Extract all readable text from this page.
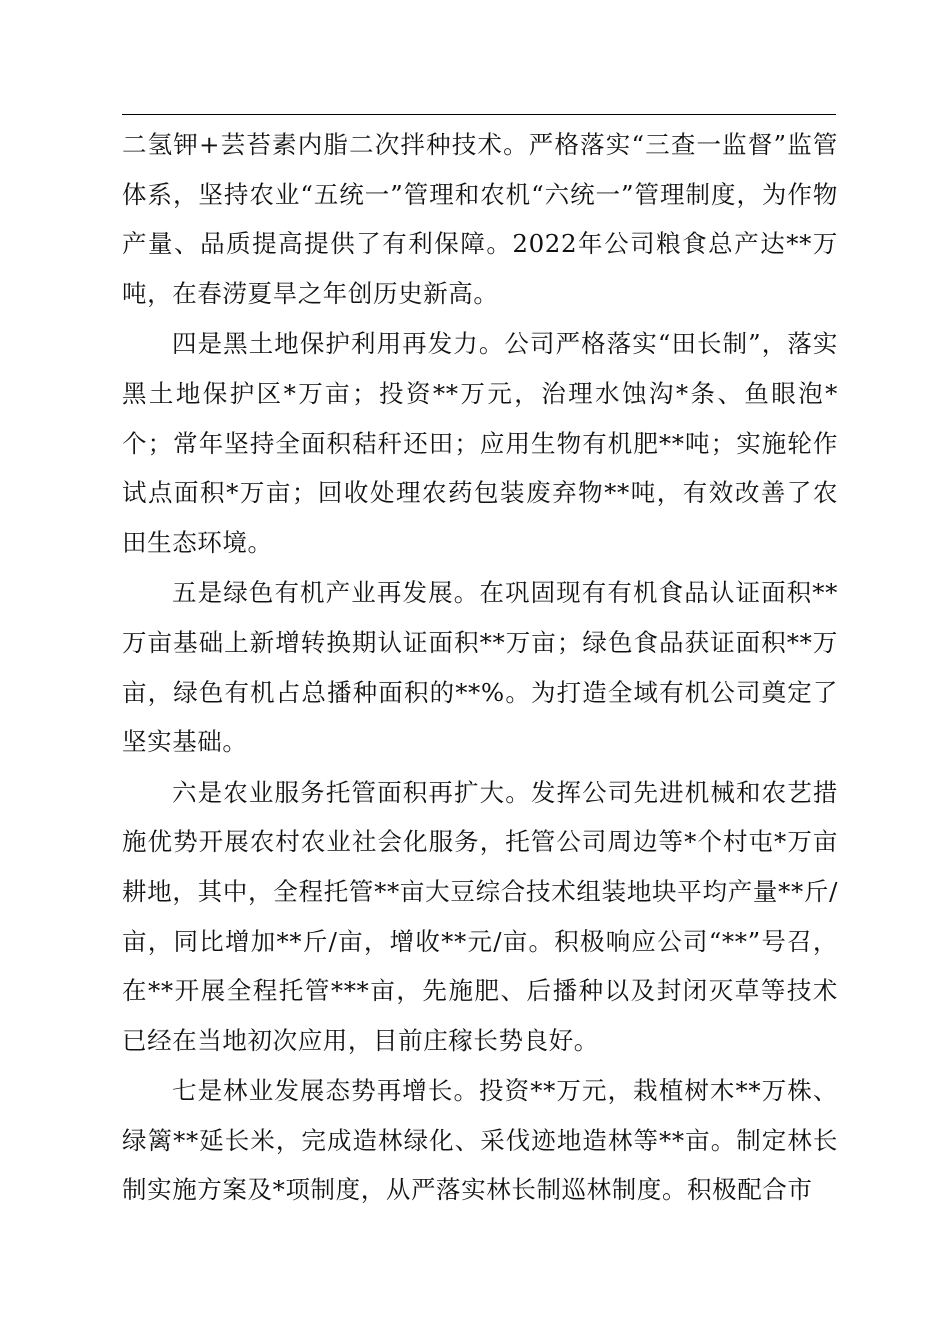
二氢钾+芸苔素内脂二次拌种技术。严格落实“三查一监督”监管体系，坚持农业“五统一”管理和农机“六统一”管理制度，为作物产量、品质提高提供了有利保障。2022年公司粮食总产达**万吨，在春涝夏旱之年创历史新高。

四是黑土地保护利用再发力。公司严格落实“田长制”，落实黑土地保护区*万亩；投资**万元，治理水蚀沟*条、鱼眼泡*个；常年坚持全面积秸秆还田；应用生物有机肥**吨；实施轮作试点面积*万亩；回收处理农药包装废弃物**吨，有效改善了农田生态环境。

五是绿色有机产业再发展。在巩固现有有机食品认证面积**万亩基础上新增转换期认证面积**万亩；绿色食品获证面积**万亩，绿色有机占总播种面积的**%。为打造全域有机公司奠定了坚实基础。

六是农业服务托管面积再扩大。发挥公司先进机械和农艺措施优势开展农村农业社会化服务，托管公司周边等*个村屯*万亩耕地，其中，全程托管**亩大豆综合技术组装地块平均产量**斤/亩，同比增加**斤/亩，增收**元/亩。积极响应公司“**”号召，在**开展全程托管***亩，先施肥、后播种以及封闭灭草等技术已经在当地初次应用，目前庄稼长势良好。

七是林业发展态势再增长。投资**万元，栽植树木**万株、绿篱**延长米，完成造林绿化、采伐迹地造林等**亩。制定林长制实施方案及*项制度，从严落实林长制巡林制度。积极配合市
